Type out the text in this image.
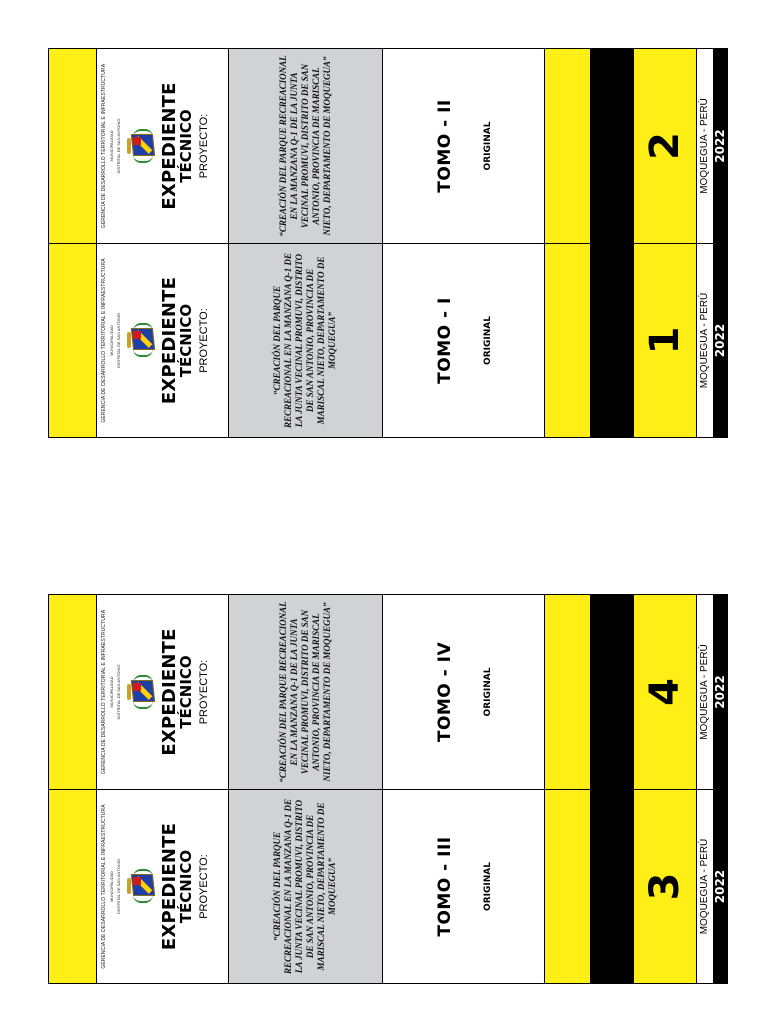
GERENCIA DE DESARROLLO TERRITORIAL E INFRAESTRUCTURA MUNICIPALIDAD DISTRITAL DE SAN ANTONIO EXPEDIENTE
TÉCNICO PROYECTO:	“CREACIÓN DEL PARQUE RECREACIONAL EN LA MANZANA Q-1 DE LA JUNTA VECINAL PROMUVI, DISTRITO DE SAN ANTONIO, PROVINCIA DE MARISCAL NIETO, DEPARTAMENTO DE MOQUEGUA”	TOMO - I	ORIGINAL	1 MOQUEGUA - PERÚ 2022
GERENCIA DE DESARROLLO TERRITORIAL E INFRAESTRUCTURA MUNICIPALIDAD DISTRITAL DE SAN ANTONIO EXPEDIENTE
TÉCNICO PROYECTO:	“CREACIÓN DEL PARQUE RECREACIONAL EN LA MANZANA Q-1 DE LA JUNTA VECINAL PROMUVI, DISTRITO DE SAN ANTONIO, PROVINCIA DE MARISCAL NIETO, DEPARTAMENTO DE MOQUEGUA”	TOMO - II	ORIGINAL	2 MOQUEGUA - PERÚ 2022
GERENCIA DE DESARROLLO TERRITORIAL E INFRAESTRUCTURA MUNICIPALIDAD DISTRITAL DE SAN ANTONIO EXPEDIENTE
TÉCNICO PROYECTO:	“CREACIÓN DEL PARQUE RECREACIONAL EN LA MANZANA Q-1 DE LA JUNTA VECINAL PROMUVI, DISTRITO DE SAN ANTONIO, PROVINCIA DE MARISCAL NIETO, DEPARTAMENTO DE MOQUEGUA”	TOMO - III	ORIGINAL	3 MOQUEGUA - PERÚ 2022
GERENCIA DE DESARROLLO TERRITORIAL E INFRAESTRUCTURA MUNICIPALIDAD DISTRITAL DE SAN ANTONIO EXPEDIENTE
TÉCNICO PROYECTO:	“CREACIÓN DEL PARQUE RECREACIONAL EN LA MANZANA Q-1 DE LA JUNTA VECINAL PROMUVI, DISTRITO DE SAN ANTONIO, PROVINCIA DE MARISCAL NIETO, DEPARTAMENTO DE MOQUEGUA”	TOMO - IV	ORIGINAL	4 MOQUEGUA - PERÚ 2022
